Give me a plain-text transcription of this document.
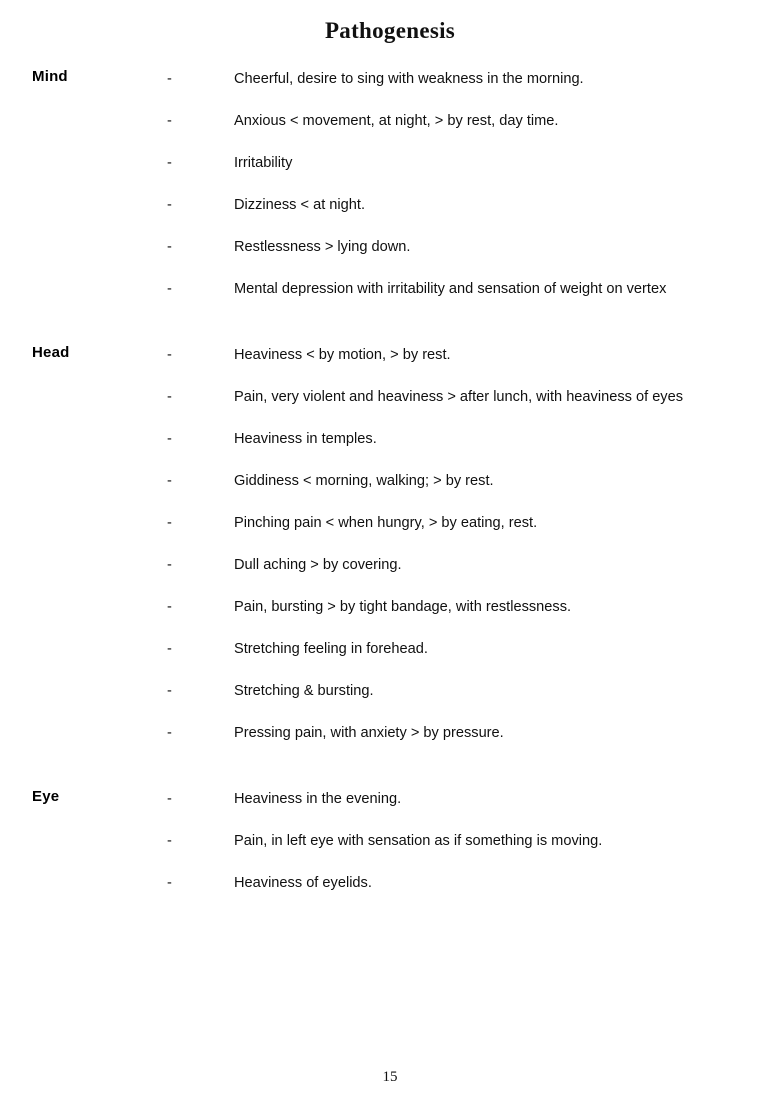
Pathogenesis
Mind	-	Cheerful, desire to sing with weakness in the morning.
-	Anxious < movement, at night, > by rest, day time.
-	Irritability
-	Dizziness < at night.
-	Restlessness > lying down.
-	Mental depression with irritability and sensation of weight on vertex
Head	-	Heaviness < by motion, > by rest.
-	Pain, very violent and heaviness > after lunch, with heaviness of eyes
-	Heaviness in temples.
-	Giddiness < morning, walking; > by rest.
-	Pinching pain < when hungry, > by eating, rest.
-	Dull aching > by covering.
-	Pain, bursting > by tight bandage, with restlessness.
-	Stretching feeling in forehead.
-	Stretching & bursting.
-	Pressing pain, with anxiety > by pressure.
Eye	-	Heaviness in the evening.
-	Pain, in left eye with sensation as if something is moving.
-	Heaviness of eyelids.
15
